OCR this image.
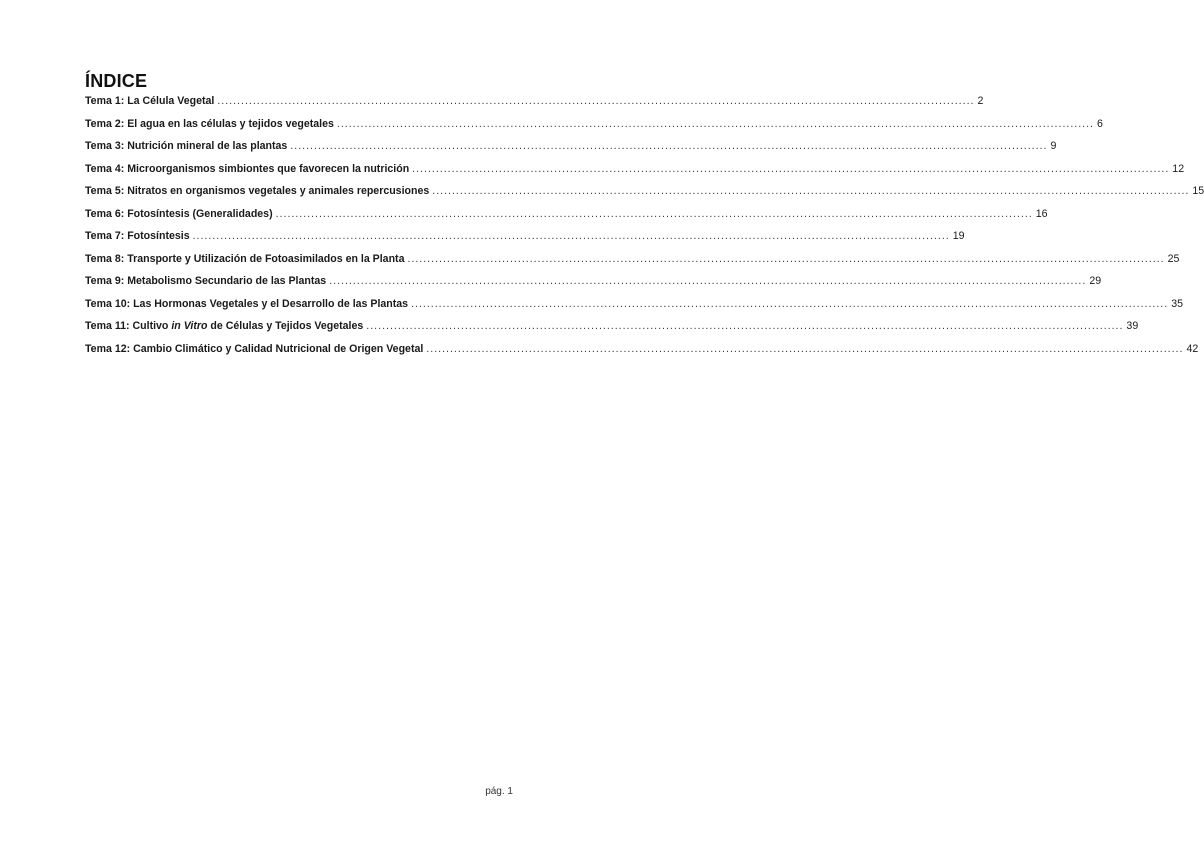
ÍNDICE
Tema 1: La Célula Vegetal .....	2
Tema 2: El agua en las células y tejidos vegetales .....	6
Tema 3: Nutrición mineral de las plantas .....	9
Tema 4: Microorganismos simbiontes que favorecen la nutrición .....	12
Tema 5: Nitratos en organismos vegetales y animales repercusiones .....	15
Tema 6: Fotosíntesis (Generalidades) .....	16
Tema 7: Fotosíntesis .....	19
Tema 8: Transporte y Utilización de Fotoasimilados en la Planta .....	25
Tema 9: Metabolismo Secundario de las Plantas .....	29
Tema 10: Las Hormonas Vegetales y el Desarrollo de las Plantas .....	35
Tema 11: Cultivo in Vitro de Células y Tejidos Vegetales .....	39
Tema 12: Cambio Climático y Calidad Nutricional de Origen Vegetal .....	42
pág. 1
